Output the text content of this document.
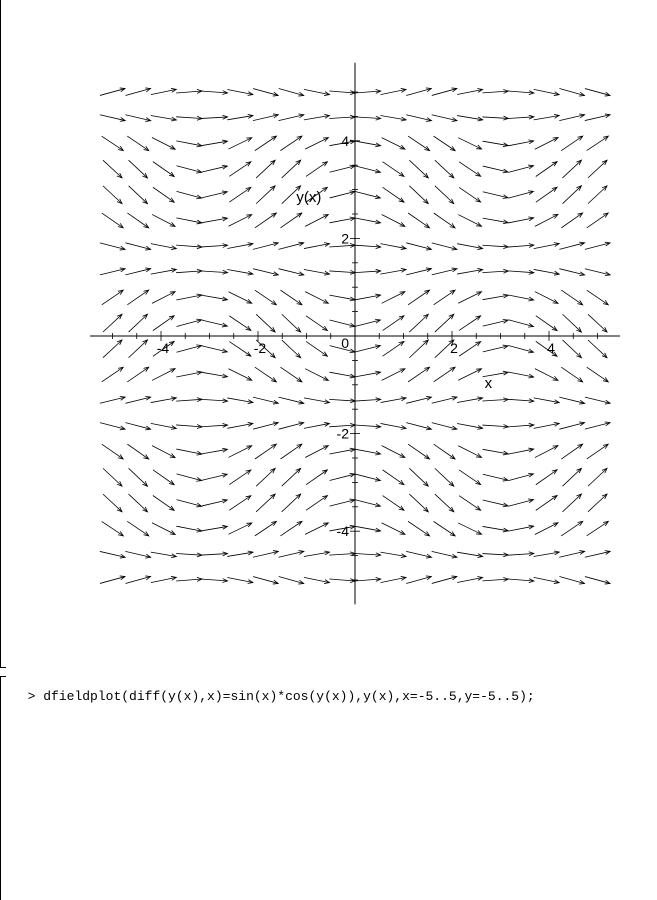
-4	-2	2	4
-4
-2
2
4
0
x
y(x)

> dfieldplot(diff(y(x),x)=sin(x)*cos(y(x)),y(x),x=-5..5,y=-5..5);
